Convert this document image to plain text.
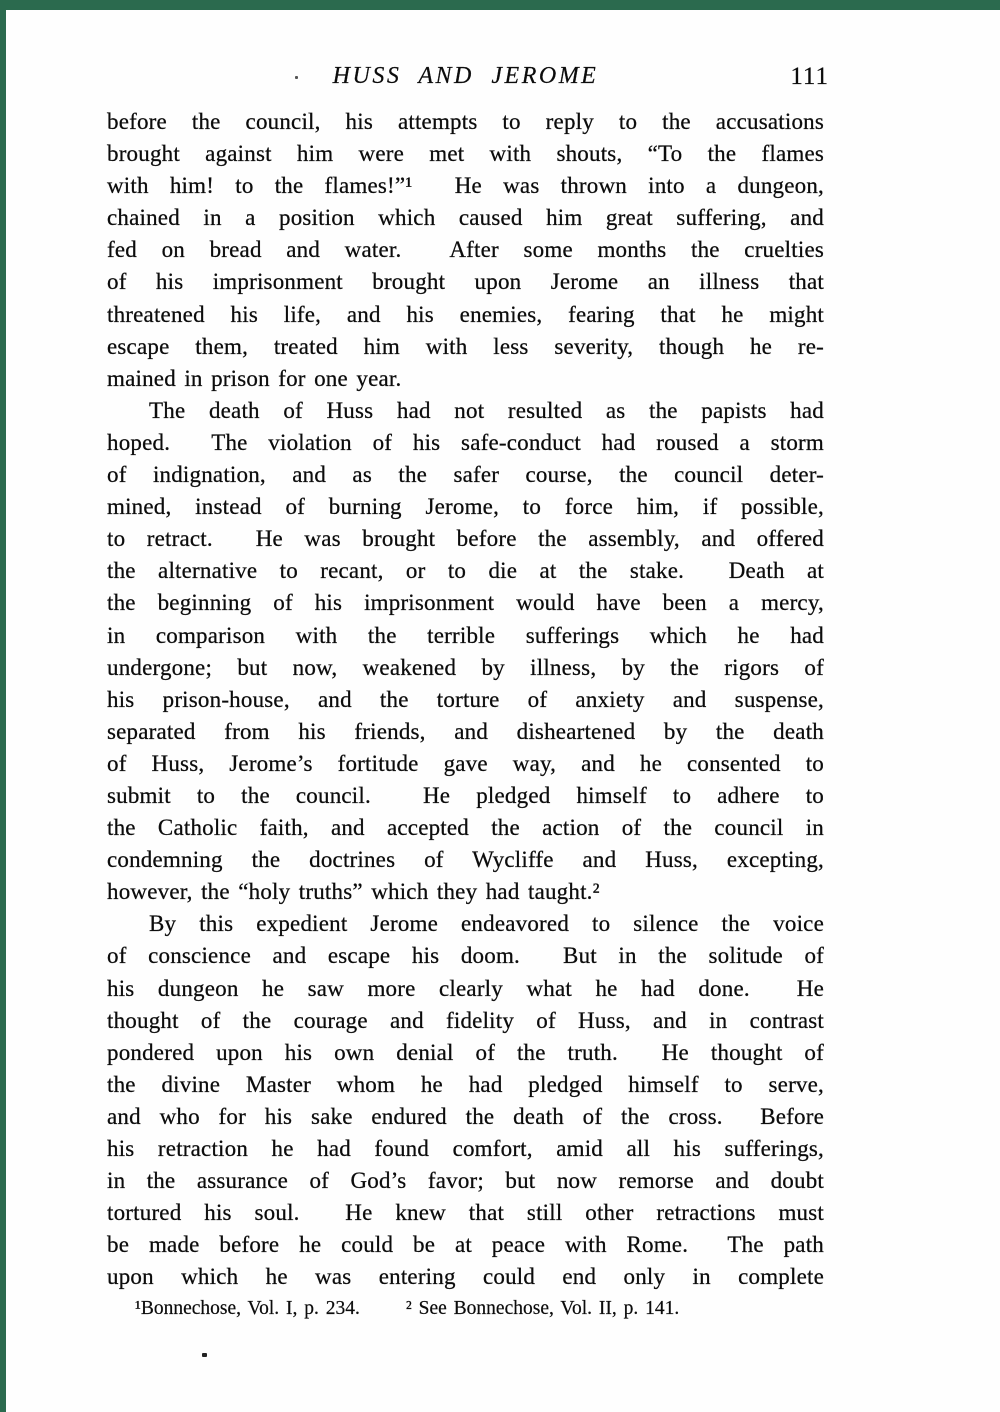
HUSS AND JEROME	111
before the council, his attempts to reply to the accusations
brought against him were met with shouts, “To the flames
with him! to the flames!”¹  He was thrown into a dungeon,
chained in a position which caused him great suffering, and
fed on bread and water.  After some months the cruelties
of his imprisonment brought upon Jerome an illness that
threatened his life, and his enemies, fearing that he might
escape them, treated him with less severity, though he re-
mained in prison for one year.
The death of Huss had not resulted as the papists had
hoped.  The violation of his safe-conduct had roused a storm
of indignation, and as the safer course, the council deter-
mined, instead of burning Jerome, to force him, if possible,
to retract.  He was brought before the assembly, and offered
the alternative to recant, or to die at the stake.  Death at
the beginning of his imprisonment would have been a mercy,
in comparison with the terrible sufferings which he had
undergone; but now, weakened by illness, by the rigors of
his prison-house, and the torture of anxiety and suspense,
separated from his friends, and disheartened by the death
of Huss, Jerome’s fortitude gave way, and he consented to
submit to the council.  He pledged himself to adhere to
the Catholic faith, and accepted the action of the council in
condemning the doctrines of Wycliffe and Huss, excepting,
however, the “holy truths” which they had taught.²
By this expedient Jerome endeavored to silence the voice
of conscience and escape his doom.  But in the solitude of
his dungeon he saw more clearly what he had done.  He
thought of the courage and fidelity of Huss, and in contrast
pondered upon his own denial of the truth.  He thought of
the divine Master whom he had pledged himself to serve,
and who for his sake endured the death of the cross.  Before
his retraction he had found comfort, amid all his sufferings,
in the assurance of God’s favor; but now remorse and doubt
tortured his soul.  He knew that still other retractions must
be made before he could be at peace with Rome.  The path
upon which he was entering could end only in complete
¹Bonnechose, Vol. I, p. 234. ² See Bonnechose, Vol. II, p. 141.
